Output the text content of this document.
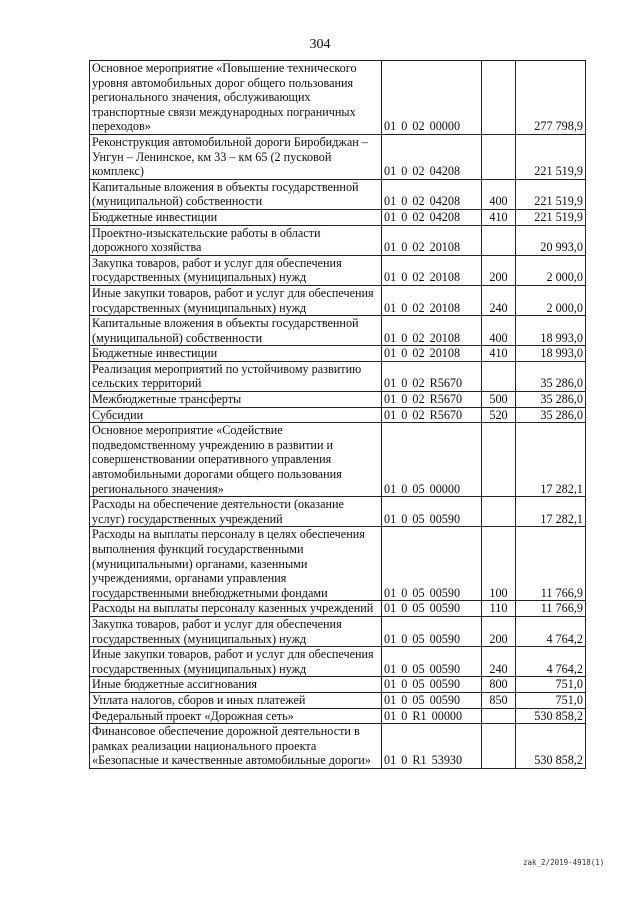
304
Основное мероприятие «Повышение технического уровня автомобильных дорог общего пользования регионального значения, обслуживающих транспортные связи международных пограничных переходов»	01 0 02 00000		277 798,9
Реконструкция автомобильной дороги Биробиджан – Унгун – Ленинское, км 33 – км 65 (2 пусковой комплекс)	01 0 02 04208		221 519,9
Капитальные вложения в объекты государственной (муниципальной) собственности	01 0 02 04208	400	221 519,9
Бюджетные инвестиции	01 0 02 04208	410	221 519,9
Проектно-изыскательские работы в области дорожного хозяйства	01 0 02 20108		20 993,0
Закупка товаров, работ и услуг для обеспечения государственных (муниципальных) нужд	01 0 02 20108	200	2 000,0
Иные закупки товаров, работ и услуг для обеспечения государственных (муниципальных) нужд	01 0 02 20108	240	2 000,0
Капитальные вложения в объекты государственной (муниципальной) собственности	01 0 02 20108	400	18 993,0
Бюджетные инвестиции	01 0 02 20108	410	18 993,0
Реализация мероприятий по устойчивому развитию сельских территорий	01 0 02 R5670		35 286,0
Межбюджетные трансферты	01 0 02 R5670	500	35 286,0
Субсидии	01 0 02 R5670	520	35 286,0
Основное мероприятие «Содействие подведомственному учреждению в развитии и совершенствовании оперативного управления автомобильными дорогами общего пользования регионального значения»	01 0 05 00000		17 282,1
Расходы на обеспечение деятельности (оказание услуг) государственных учреждений	01 0 05 00590		17 282,1
Расходы на выплаты персоналу в целях обеспечения выполнения функций государственными (муниципальными) органами, казенными учреждениями, органами управления государственными внебюджетными фондами	01 0 05 00590	100	11 766,9
Расходы на выплаты персоналу казенных учреждений	01 0 05 00590	110	11 766,9
Закупка товаров, работ и услуг для обеспечения государственных (муниципальных) нужд	01 0 05 00590	200	4 764,2
Иные закупки товаров, работ и услуг для обеспечения государственных (муниципальных) нужд	01 0 05 00590	240	4 764,2
Иные бюджетные ассигнования	01 0 05 00590	800	751,0
Уплата налогов, сборов и иных платежей	01 0 05 00590	850	751,0
Федеральный проект «Дорожная сеть»	01 0 R1 00000		530 858,2
Финансовое обеспечение дорожной деятельности в рамках реализации национального проекта «Безопасные и качественные автомобильные дороги»	01 0 R1 53930		530 858,2
zak_2/2019-4918(1)
